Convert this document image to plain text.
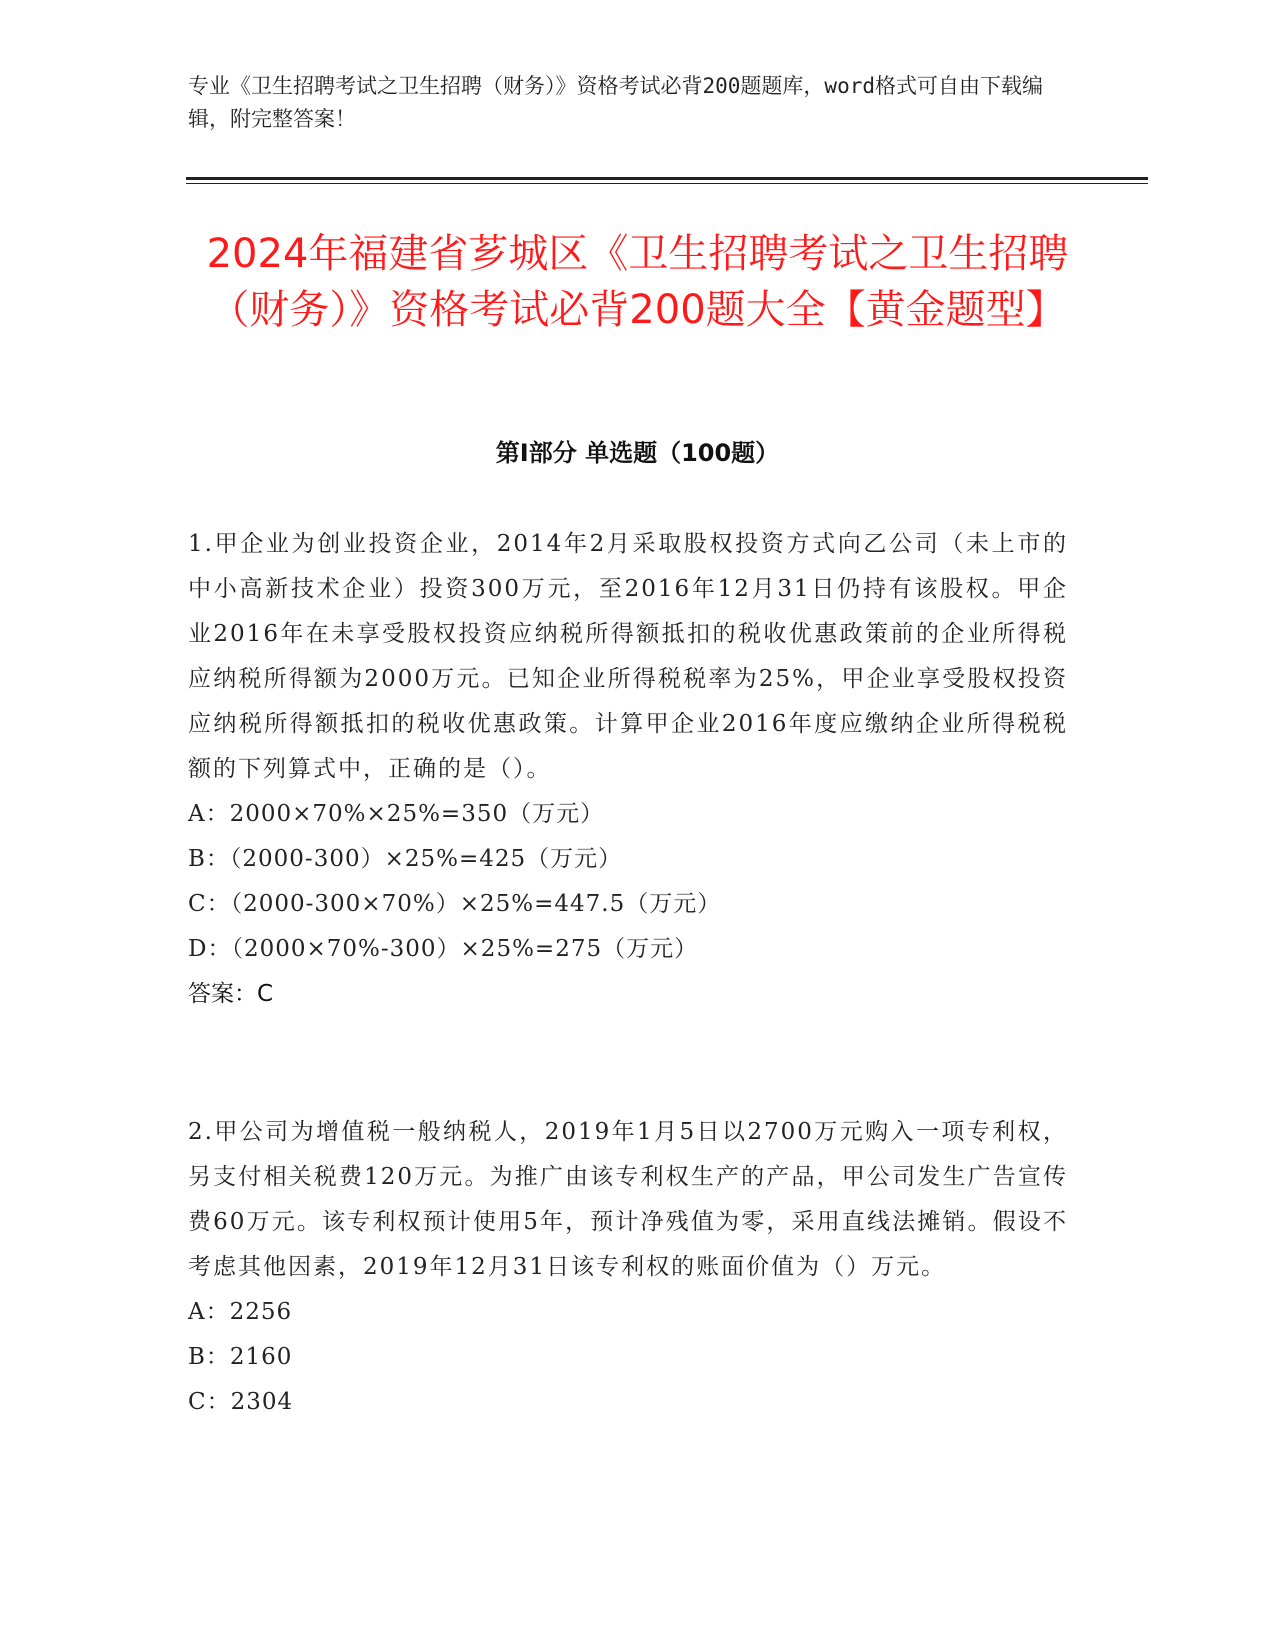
专业《卫生招聘考试之卫生招聘（财务）》资格考试必背200题题库，word格式可自由下载编辑，附完整答案！

2024年福建省芗城区《卫生招聘考试之卫生招聘（财务）》资格考试必背200题大全【黄金题型】
第I部分 单选题（100题）

1.甲企业为创业投资企业，2014年2月采取股权投资方式向乙公司（未上市的中小高新技术企业）投资300万元，至2016年12月31日仍持有该股权。甲企业2016年在未享受股权投资应纳税所得额抵扣的税收优惠政策前的企业所得税应纳税所得额为2000万元。已知企业所得税税率为25%，甲企业享受股权投资应纳税所得额抵扣的税收优惠政策。计算甲企业2016年度应缴纳企业所得税税额的下列算式中，正确的是（）。

A：2000×70%×25%=350（万元）

B：（2000-300）×25%=425（万元）

C：（2000-300×70%）×25%=447.5（万元）

D：（2000×70%-300）×25%=275（万元）

答案：C

2.甲公司为增值税一般纳税人，2019年1月5日以2700万元购入一项专利权，另支付相关税费120万元。为推广由该专利权生产的产品，甲公司发生广告宣传费60万元。该专利权预计使用5年，预计净残值为零，采用直线法摊销。假设不考虑其他因素，2019年12月31日该专利权的账面价值为（）万元。

A：2256

B：2160

C：2304
